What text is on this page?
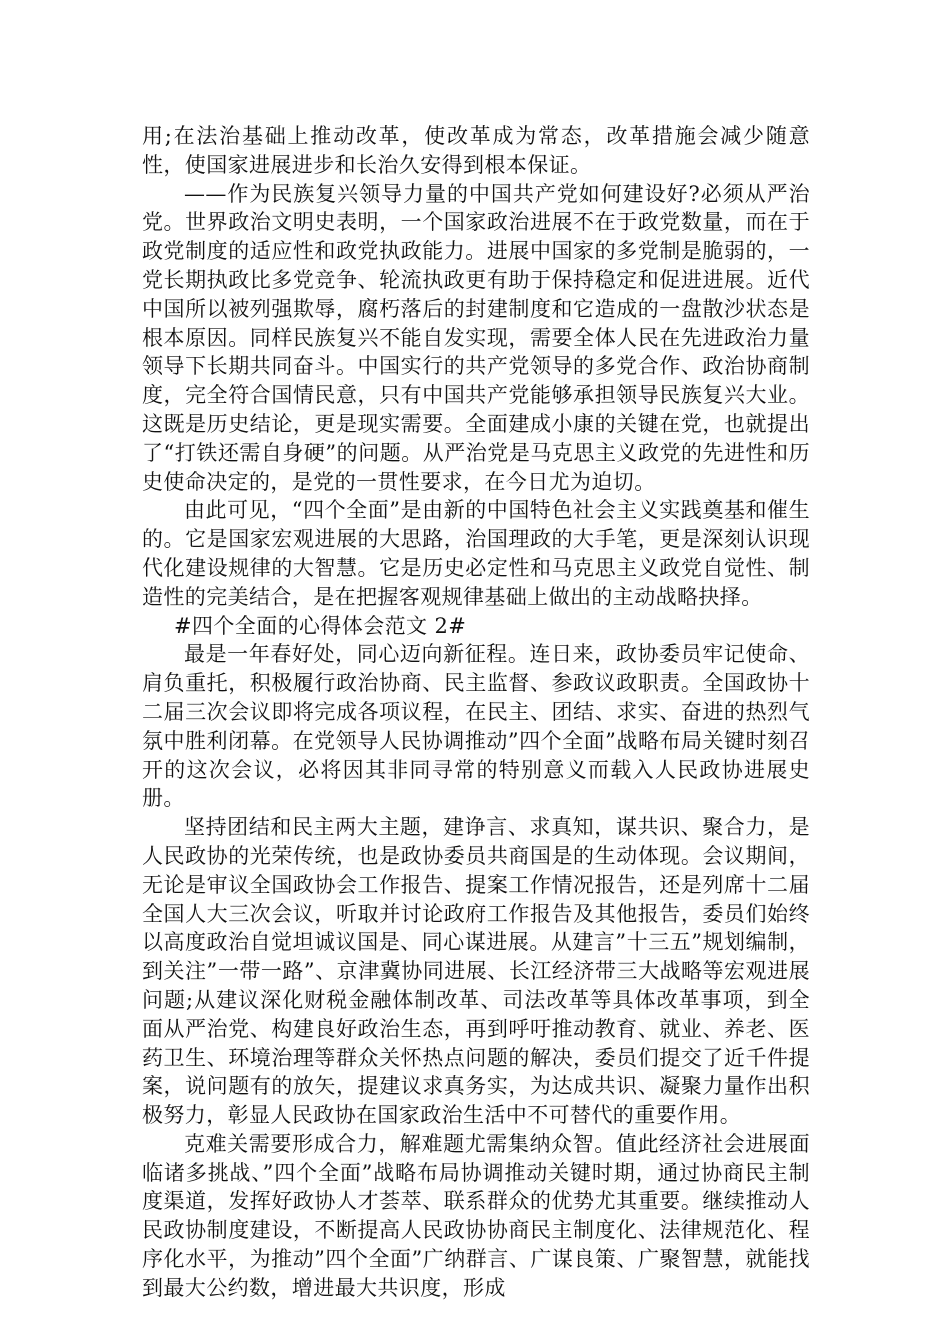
用;在法治基础上推动改革，使改革成为常态，改革措施会减少随意性，使国家进展进步和长治久安得到根本保证。

——作为民族复兴领导力量的中国共产党如何建设好?必须从严治党。世界政治文明史表明，一个国家政治进展不在于政党数量，而在于政党制度的适应性和政党执政能力。进展中国家的多党制是脆弱的，一党长期执政比多党竞争、轮流执政更有助于保持稳定和促进进展。近代中国所以被列强欺辱，腐朽落后的封建制度和它造成的一盘散沙状态是根本原因。同样民族复兴不能自发实现，需要全体人民在先进政治力量领导下长期共同奋斗。中国实行的共产党领导的多党合作、政治协商制度，完全符合国情民意，只有中国共产党能够承担领导民族复兴大业。这既是历史结论，更是现实需要。全面建成小康的关键在党，也就提出了“打铁还需自身硬”的问题。从严治党是马克思主义政党的先进性和历史使命决定的，是党的一贯性要求，在今日尤为迫切。

由此可见，“四个全面”是由新的中国特色社会主义实践奠基和催生的。它是国家宏观进展的大思路，治国理政的大手笔，更是深刻认识现代化建设规律的大智慧。它是历史必定性和马克思主义政党自觉性、制造性的完美结合，是在把握客观规律基础上做出的主动战略抉择。

#四个全面的心得体会范文 2#

最是一年春好处，同心迈向新征程。连日来，政协委员牢记使命、肩负重托，积极履行政治协商、民主监督、参政议政职责。全国政协十二届三次会议即将完成各项议程，在民主、团结、求实、奋进的热烈气氛中胜利闭幕。在党领导人民协调推动”四个全面”战略布局关键时刻召开的这次会议，必将因其非同寻常的特别意义而载入人民政协进展史册。

坚持团结和民主两大主题，建诤言、求真知，谋共识、聚合力，是人民政协的光荣传统，也是政协委员共商国是的生动体现。会议期间，无论是审议全国政协会工作报告、提案工作情况报告，还是列席十二届全国人大三次会议，听取并讨论政府工作报告及其他报告，委员们始终以高度政治自觉坦诚议国是、同心谋进展。从建言”十三五”规划编制，到关注”一带一路”、京津冀协同进展、长江经济带三大战略等宏观进展问题;从建议深化财税金融体制改革、司法改革等具体改革事项，到全面从严治党、构建良好政治生态，再到呼吁推动教育、就业、养老、医药卫生、环境治理等群众关怀热点问题的解决，委员们提交了近千件提案，说问题有的放矢，提建议求真务实，为达成共识、凝聚力量作出积极努力，彰显人民政协在国家政治生活中不可替代的重要作用。

克难关需要形成合力，解难题尤需集纳众智。值此经济社会进展面临诸多挑战、”四个全面”战略布局协调推动关键时期，通过协商民主制度渠道，发挥好政协人才荟萃、联系群众的优势尤其重要。继续推动人民政协制度建设，不断提高人民政协协商民主制度化、法律规范化、程序化水平，为推动”四个全面”广纳群言、广谋良策、广聚智慧，就能找到最大公约数，增进最大共识度，形成
